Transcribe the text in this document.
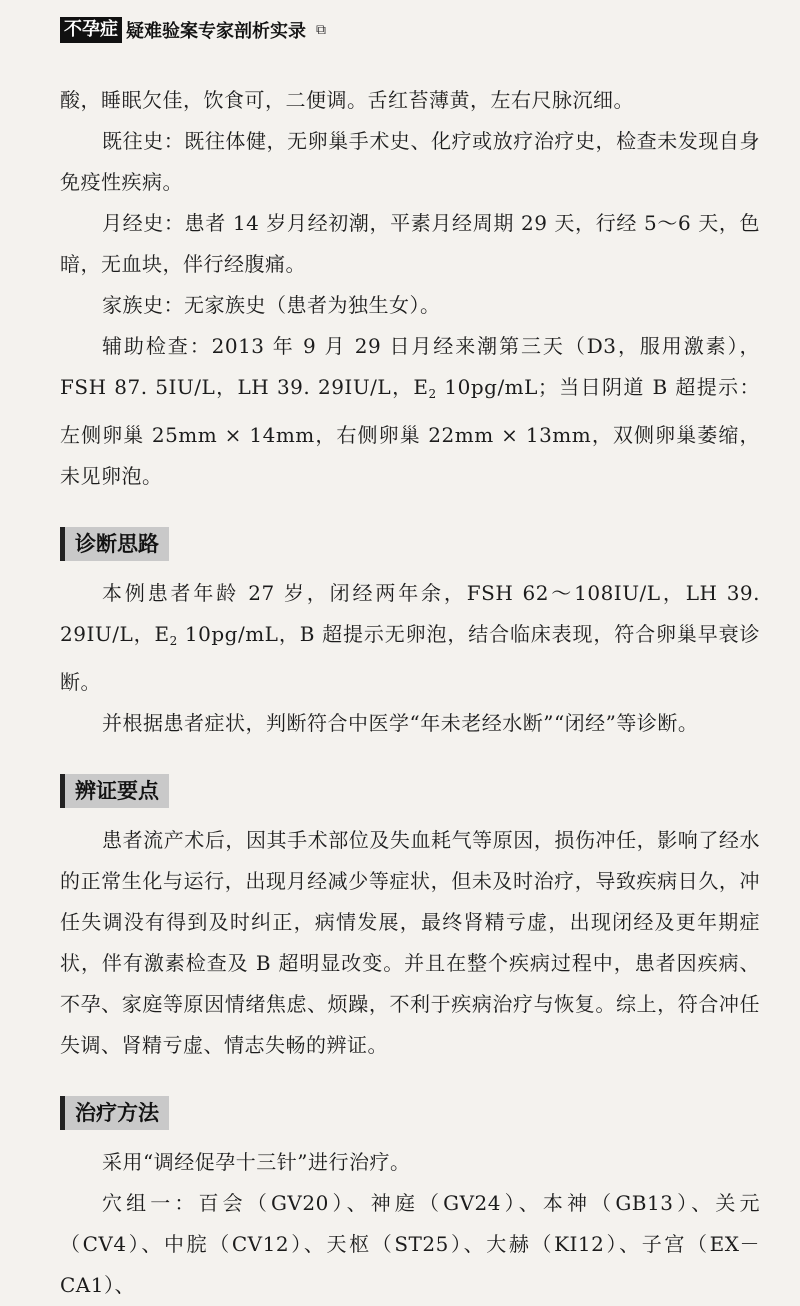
不孕症 疑难验案专家剖析实录 ⧉

酸，睡眠欠佳，饮食可，二便调。舌红苔薄黄，左右尺脉沉细。

既往史：既往体健，无卵巢手术史、化疗或放疗治疗史，检查未发现自身免疫性疾病。

月经史：患者 14 岁月经初潮，平素月经周期 29 天，行经 5～6 天，色暗，无血块，伴行经腹痛。

家族史：无家族史（患者为独生女）。

辅助检查：2013 年 9 月 29 日月经来潮第三天（D3，服用激素），FSH 87. 5IU/L，LH 39. 29IU/L，$E_2$ 10pg/mL；当日阴道 B 超提示：左侧卵巢 25mm × 14mm，右侧卵巢 22mm × 13mm，双侧卵巢萎缩，未见卵泡。

诊断思路

本例患者年龄 27 岁，闭经两年余，FSH 62～108IU/L，LH 39. 29IU/L，$E_2$ 10pg/mL，B 超提示无卵泡，结合临床表现，符合卵巢早衰诊断。

并根据患者症状，判断符合中医学“年未老经水断”“闭经”等诊断。

辨证要点

患者流产术后，因其手术部位及失血耗气等原因，损伤冲任，影响了经水的正常生化与运行，出现月经减少等症状，但未及时治疗，导致疾病日久，冲任失调没有得到及时纠正，病情发展，最终肾精亏虚，出现闭经及更年期症状，伴有激素检查及 B 超明显改变。并且在整个疾病过程中，患者因疾病、不孕、家庭等原因情绪焦虑、烦躁，不利于疾病治疗与恢复。综上，符合冲任失调、肾精亏虚、情志失畅的辨证。

治疗方法

采用“调经促孕十三针”进行治疗。

穴组一：百会（GV20）、神庭（GV24）、本神（GB13）、关元（CV4）、中脘（CV12）、天枢（ST25）、大赫（KI12）、子宫（EX－CA1）、
